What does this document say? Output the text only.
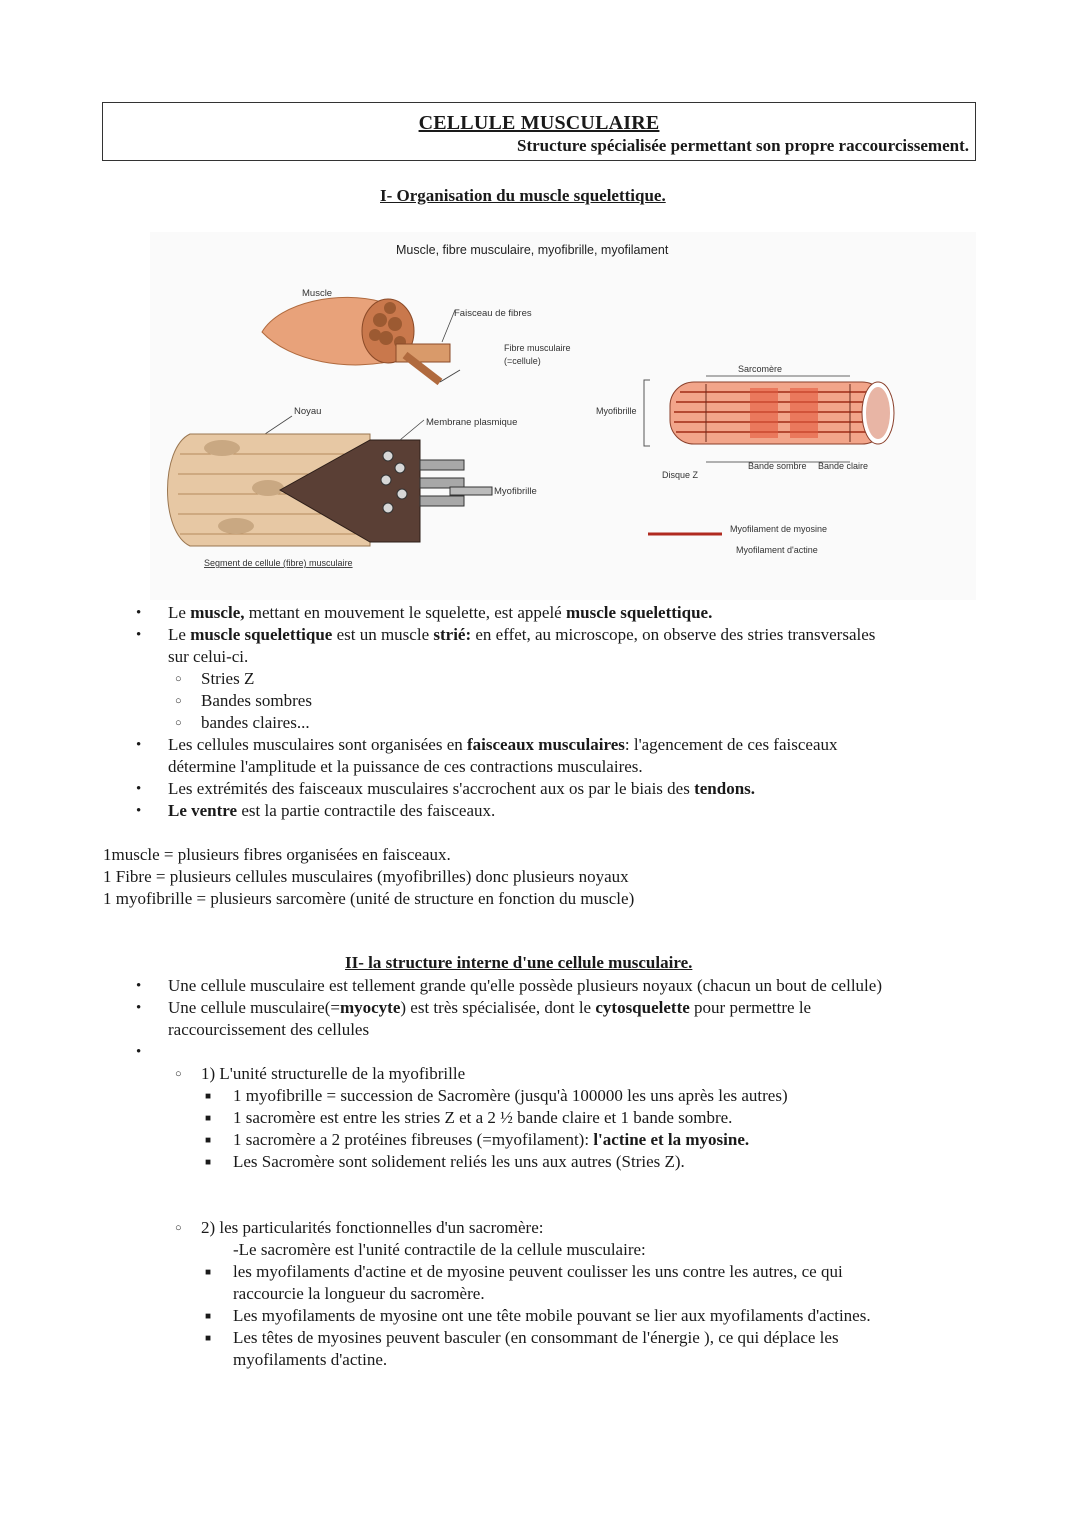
CELLULE MUSCULAIRE
Structure spécialisée permettant son propre raccourcissement.
I- Organisation du muscle squelettique.
Muscle, fibre musculaire, myofibrille, myofilament
Muscle
Faisceau de fibres
Fibre musculaire
(=cellule)
Noyau
Membrane plasmique
Myofibrille
Segment de cellule (fibre) musculaire
Myofibrille
Sarcomère
Disque Z
Bande sombre Bande claire
Myofilament de myosine
Myofilament d'actine
• Le muscle, mettant en mouvement le squelette, est appelé muscle squelettique.
• Le muscle squelettique est un muscle strié: en effet, au microscope, on observe des stries transversales
sur celui-ci.
○ Stries Z
○ Bandes sombres
○ bandes claires...
• Les cellules musculaires sont organisées en faisceaux musculaires: l'agencement de ces faisceaux
détermine l'amplitude et la puissance de ces contractions musculaires.
• Les extrémités des faisceaux musculaires s'accrochent aux os par le biais des tendons.
• Le ventre est la partie contractile des faisceaux.
1muscle = plusieurs fibres organisées en faisceaux.
1 Fibre = plusieurs cellules musculaires (myofibrilles) donc plusieurs noyaux
1 myofibrille = plusieurs sarcomère (unité de structure en fonction du muscle)
II- la structure interne d'une cellule musculaire.
• Une cellule musculaire est tellement grande qu'elle possède plusieurs noyaux (chacun un bout de cellule)
• Une cellule musculaire(=myocyte) est très spécialisée, dont le cytosquelette pour permettre le
raccourcissement des cellules
•
○ 1) L'unité structurelle de la myofibrille
■ 1 myofibrille = succession de Sacromère (jusqu'à 100000 les uns après les autres)
■ 1 sacromère est entre les stries Z et a 2 ½ bande claire et 1 bande sombre.
■ 1 sacromère a 2 protéines fibreuses (=myofilament): l'actine et la myosine.
■ Les Sacromère sont solidement reliés les uns aux autres (Stries Z).
○ 2) les particularités fonctionnelles d'un sacromère:
-Le sacromère est l'unité contractile de la cellule musculaire:
■ les myofilaments d'actine et de myosine peuvent coulisser les uns contre les autres, ce qui
raccourcie la longueur du sacromère.
■ Les myofilaments de myosine ont une tête mobile pouvant se lier aux myofilaments d'actines.
■ Les têtes de myosines peuvent basculer (en consommant de l'énergie ), ce qui déplace les
myofilaments d'actine.
